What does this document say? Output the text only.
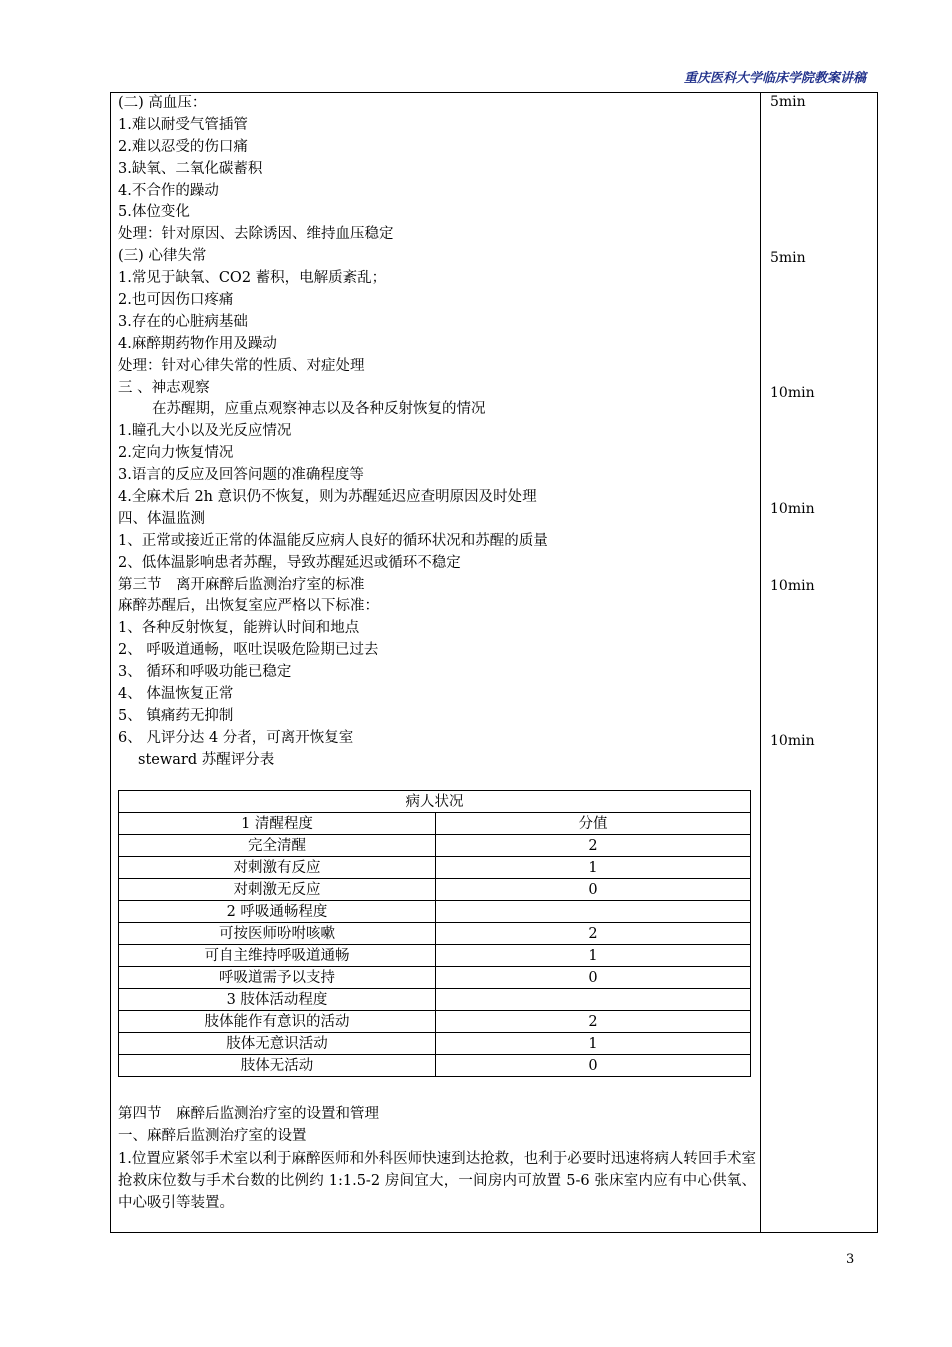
重庆医科大学临床学院教案讲稿
(二) 高血压：
1.难以耐受气管插管
2.难以忍受的伤口痛
3.缺氧、二氧化碳蓄积
4.不合作的躁动
5.体位变化
处理：针对原因、去除诱因、维持血压稳定
(三) 心律失常
1.常见于缺氧、CO2 蓄积，电解质紊乱；
2.也可因伤口疼痛
3.存在的心脏病基础
4.麻醉期药物作用及躁动
处理：针对心律失常的性质、对症处理
三 、神志观察
在苏醒期，应重点观察神志以及各种反射恢复的情况
1.瞳孔大小以及光反应情况
2.定向力恢复情况
3.语言的反应及回答问题的准确程度等
4.全麻术后 2h 意识仍不恢复，则为苏醒延迟应查明原因及时处理
四、体温监测
1、正常或接近正常的体温能反应病人良好的循环状况和苏醒的质量
2、低体温影响患者苏醒，导致苏醒延迟或循环不稳定
第三节　离开麻醉后监测治疗室的标准
麻醉苏醒后，出恢复室应严格以下标准：
1、各种反射恢复，能辨认时间和地点
2、 呼吸道通畅，呕吐误吸危险期已过去
3、 循环和呼吸功能已稳定
4、 体温恢复正常
5、 镇痛药无抑制
6、 凡评分达 4 分者，可离开恢复室
steward 苏醒评分表
5min
5min
10min
10min
10min
10min
病人状况	
1 清醒程度	分值
完全清醒	2
对刺激有反应	1
对刺激无反应	0
2 呼吸通畅程度	
可按医师吩咐咳嗽	2
可自主维持呼吸道通畅	1
呼吸道需予以支持	0
3 肢体活动程度	
肢体能作有意识的活动	2
肢体无意识活动	1
肢体无活动	0
第四节　麻醉后监测治疗室的设置和管理
一、麻醉后监测治疗室的设置
1.位置应紧邻手术室以利于麻醉医师和外科医师快速到达抢救，也利于必要时迅速将病人转回手术室抢救床位数与手术台数的比例约 1:1.5-2 房间宜大，一间房内可放置 5-6 张床室内应有中心供氧、中心吸引等装置。
3
